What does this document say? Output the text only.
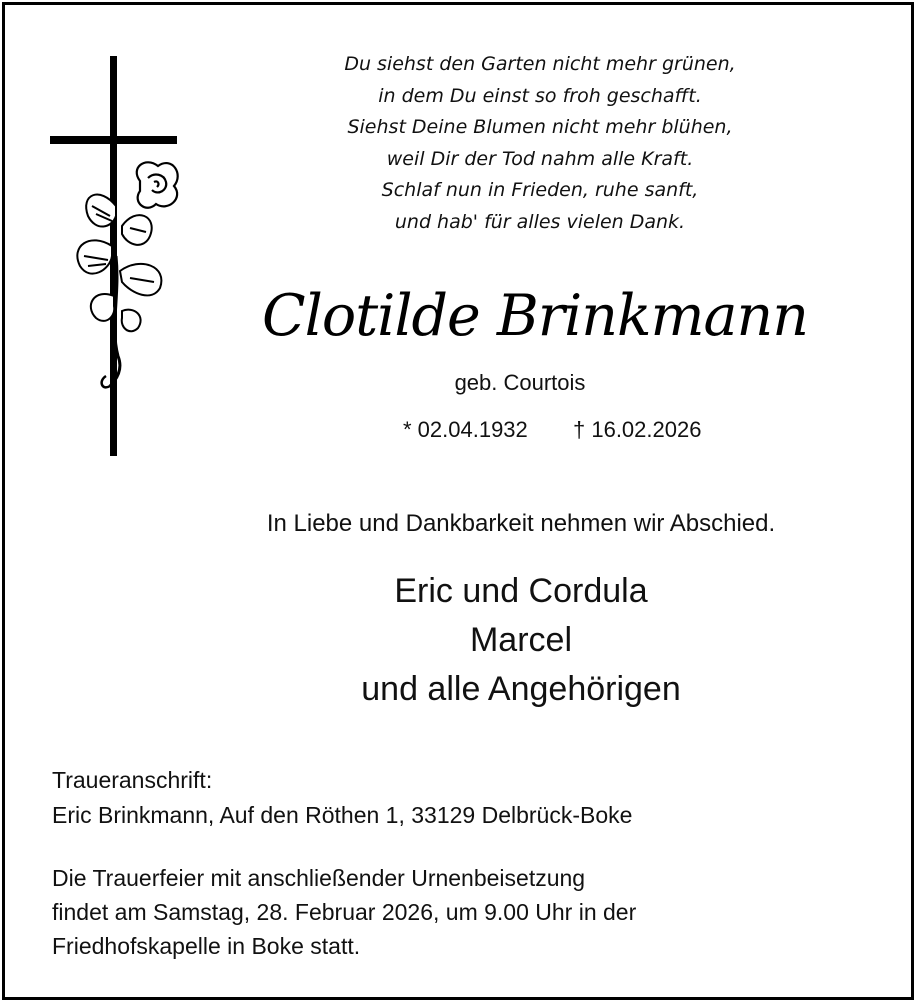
Du siehst den Garten nicht mehr grünen,
in dem Du einst so froh geschafft.
Siehst Deine Blumen nicht mehr blühen,
weil Dir der Tod nahm alle Kraft.
Schlaf nun in Frieden, ruhe sanft,
und hab' für alles vielen Dank.
Clotilde Brinkmann
geb. Courtois
* 02.04.1932 † 16.02.2026
In Liebe und Dankbarkeit nehmen wir Abschied.
Eric und Cordula
Marcel
und alle Angehörigen
Traueranschrift:
Eric Brinkmann, Auf den Röthen 1, 33129 Delbrück-Boke
Die Trauerfeier mit anschließender Urnenbeisetzung
findet am Samstag, 28. Februar 2026, um 9.00 Uhr in der
Friedhofskapelle in Boke statt.
